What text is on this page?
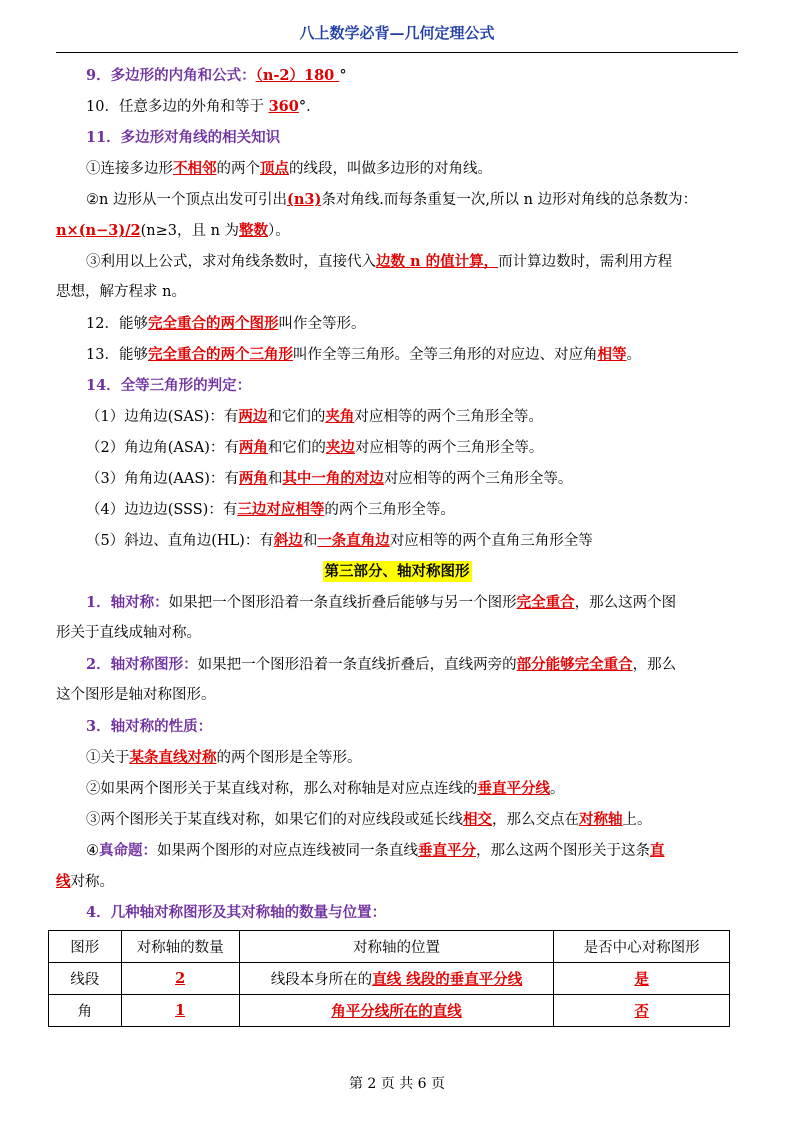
八上数学必背—几何定理公式
9．多边形的内角和公式：（n-2）180 °
10．任意多边的外角和等于 360°．
11．多边形对角线的相关知识
①连接多边形不相邻的两个顶点的线段，叫做多边形的对角线。
②n 边形从一个顶点出发可引出(n3)条对角线.而每条重复一次,所以 n 边形对角线的总条数为：
n×(n−3)/2(n≥3，且 n 为整数）。
③利用以上公式，求对角线条数时，直接代入边数 n 的值计算，而计算边数时，需利用方程
思想，解方程求 n。
12．能够完全重合的两个图形叫作全等形。
13．能够完全重合的两个三角形叫作全等三角形。全等三角形的对应边、对应角相等。
14．全等三角形的判定：
（1）边角边(SAS)：有两边和它们的夹角对应相等的两个三角形全等。
（2）角边角(ASA)：有两角和它们的夹边对应相等的两个三角形全等。
（3）角角边(AAS)：有两角和其中一角的对边对应相等的两个三角形全等。
（4）边边边(SSS)：有三边对应相等的两个三角形全等。
（5）斜边、直角边(HL)：有斜边和一条直角边对应相等的两个直角三角形全等
第三部分、轴对称图形
1．轴对称：如果把一个图形沿着一条直线折叠后能够与另一个图形完全重合，那么这两个图
形关于直线成轴对称。
2．轴对称图形：如果把一个图形沿着一条直线折叠后，直线两旁的部分能够完全重合，那么
这个图形是轴对称图形。
3．轴对称的性质：
①关于某条直线对称的两个图形是全等形。
②如果两个图形关于某直线对称，那么对称轴是对应点连线的垂直平分线。
③两个图形关于某直线对称，如果它们的对应线段或延长线相交，那么交点在对称轴上。
④真命题：如果两个图形的对应点连线被同一条直线垂直平分，那么这两个图形关于这条直
线对称。
4．几种轴对称图形及其对称轴的数量与位置：
图形	对称轴的数量	对称轴的位置	是否中心对称图形
线段	2	线段本身所在的直线 线段的垂直平分线	是
角	1	角平分线所在的直线	否
第 2 页 共 6 页
